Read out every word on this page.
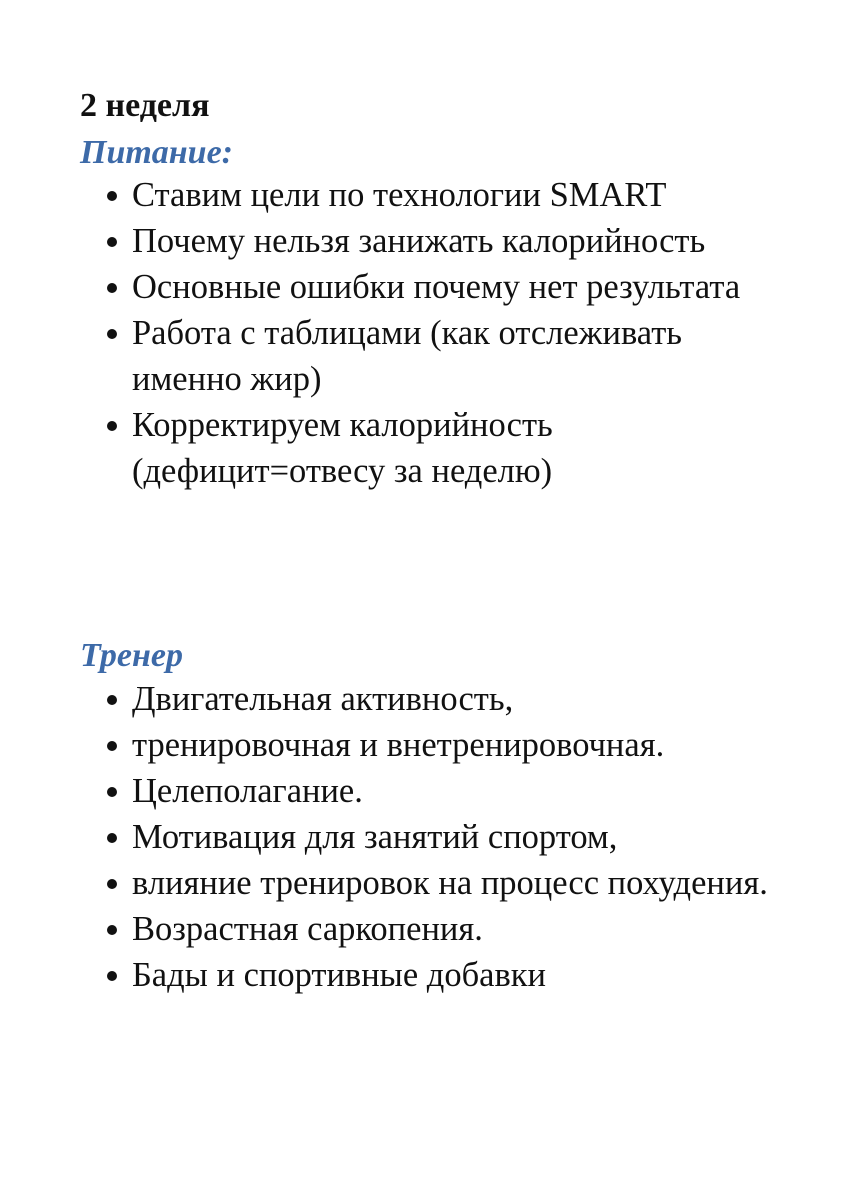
2 неделя
Питание:
Ставим цели по технологии SMART
Почему нельзя занижать калорийность
Основные ошибки почему нет результата
Работа с таблицами (как отслеживать именно жир)
Корректируем калорийность (дефицит=отвесу за неделю)
Тренер
Двигательная активность,
тренировочная и внетренировочная.
Целеполагание.
Мотивация для занятий спортом,
влияние тренировок на процесс похудения.
Возрастная саркопения.
Бады и спортивные добавки
